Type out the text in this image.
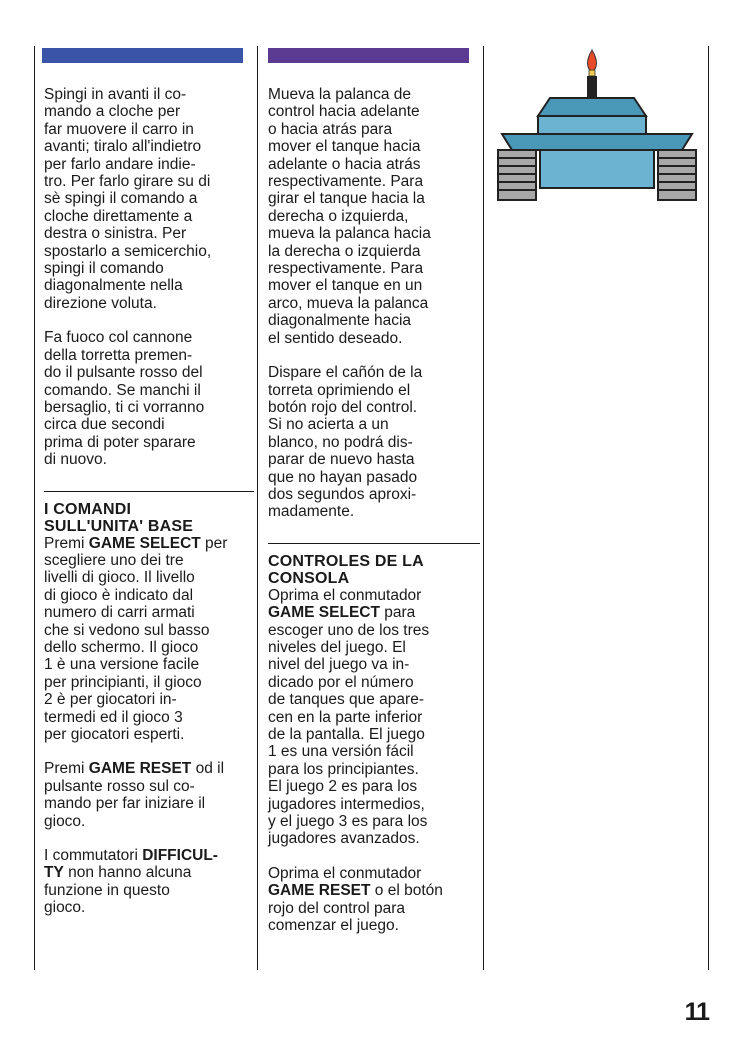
Spingi in avanti il co-
mando a cloche per
far muovere il carro in
avanti; tiralo all'indietro
per farlo andare indie-
tro. Per farlo girare su di
sè spingi il comando a
cloche direttamente a
destra o sinistra. Per
spostarlo a semicerchio,
spingi il comando
diagonalmente nella
direzione voluta.

Fa fuoco col cannone
della torretta premen-
do il pulsante rosso del
comando. Se manchi il
bersaglio, ti ci vorranno
circa due secondi
prima di poter sparare
di nuovo.

I COMANDI
SULL'UNITA' BASE

Premi GAME SELECT per
scegliere uno dei tre
livelli di gioco. Il livello
di gioco è indicato dal
numero di carri armati
che si vedono sul basso
dello schermo. Il gioco
1 è una versione facile
per principianti, il gioco
2 è per giocatori in-
termedi ed il gioco 3
per giocatori esperti.

Premi GAME RESET od il
pulsante rosso sul co-
mando per far iniziare il
gioco.

I commutatori DIFFICUL-
TY non hanno alcuna
funzione in questo
gioco.

Mueva la palanca de
control hacia adelante
o hacia atrás para
mover el tanque hacia
adelante o hacia atrás
respectivamente. Para
girar el tanque hacia la
derecha o izquierda,
mueva la palanca hacia
la derecha o izquierda
respectivamente. Para
mover el tanque en un
arco, mueva la palanca
diagonalmente hacia
el sentido deseado.

Dispare el cañón de la
torreta oprimiendo el
botón rojo del control.
Si no acierta a un
blanco, no podrá dis-
parar de nuevo hasta
que no hayan pasado
dos segundos aproxi-
madamente.

CONTROLES DE LA
CONSOLA

Oprima el conmutador
GAME SELECT para
escoger uno de los tres
niveles del juego. El
nivel del juego va in-
dicado por el número
de tanques que apare-
cen en la parte inferior
de la pantalla. El juego
1 es una versión fácil
para los principiantes.
El juego 2 es para los
jugadores intermedios,
y el juego 3 es para los
jugadores avanzados.

Oprima el conmutador
GAME RESET o el botón
rojo del control para
comenzar el juego.

11
